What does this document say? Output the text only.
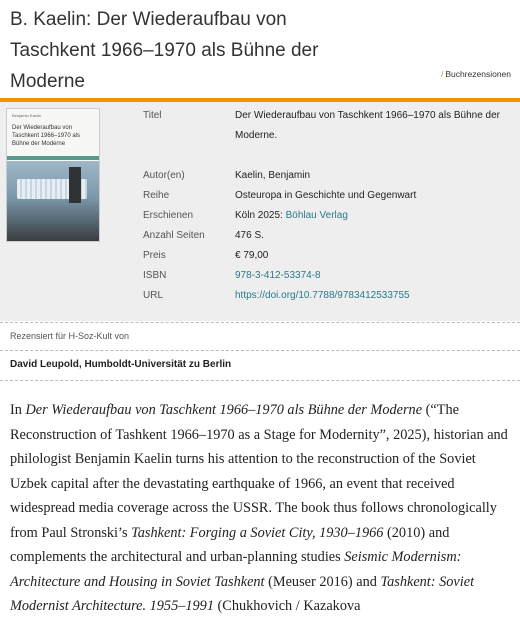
B. Kaelin: Der Wiederaufbau von Taschkent 1966–1970 als Bühne der Moderne	/ Buchrezensionen
Benjamin Kaelin
Der Wiederaufbau von Taschkent 1966–1970 als Bühne der Moderne
Titel	Der Wiederaufbau von Taschkent 1966–1970 als Bühne der Moderne.
Autor(en)	Kaelin, Benjamin
Reihe	Osteuropa in Geschichte und Gegenwart
Erschienen	Köln 2025: Böhlau Verlag
Anzahl Seiten	476 S.
Preis	€ 79,00
ISBN	978-3-412-53374-8
URL	https://doi.org/10.7788/9783412533755
Rezensiert für H-Soz-Kult von
David Leupold, Humboldt-Universität zu Berlin

In Der Wiederaufbau von Taschkent 1966–1970 als Bühne der Moderne (“The Reconstruction of Tashkent 1966–1970 as a Stage for Modernity”, 2025), historian and philologist Benjamin Kaelin turns his attention to the reconstruction of the Soviet Uzbek capital after the devastating earthquake of 1966, an event that received widespread media coverage across the USSR. The book thus follows chronologically from Paul Stronski’s Tashkent: Forging a Soviet City, 1930–1966 (2010) and complements the architectural and urban-planning studies Seismic Modernism: Architecture and Housing in Soviet Tashkent (Meuser 2016) and Tashkent: Soviet Modernist Architecture. 1955–1991 (Chukhovich / Kazakova
